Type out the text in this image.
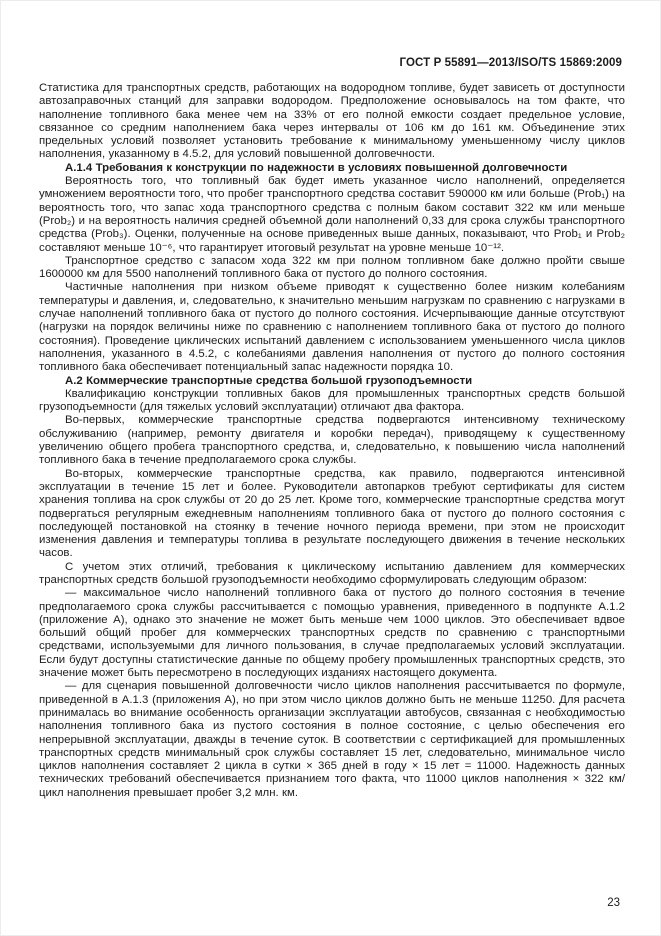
ГОСТ Р 55891—2013/ISO/TS 15869:2009

Статистика для транспортных средств, работающих на водородном топливе, будет зависеть от доступности автозаправочных станций для заправки водородом. Предположение основывалось на том факте, что наполнение топливного бака менее чем на 33% от его полной емкости создает предельное условие, связанное со средним наполнением бака через интервалы от 106 км до 161 км. Объединение этих предельных условий позволяет установить требование к минимальному уменьшенному числу циклов наполнения, указанному в 4.5.2, для условий повышенной долговечности.

А.1.4 Требования к конструкции по надежности в условиях повышенной долговечности

Вероятность того, что топливный бак будет иметь указанное число наполнений, определяется умножением вероятности того, что пробег транспортного средства составит 590000 км или больше (Prob₁) на вероятность того, что запас хода транспортного средства с полным баком составит 322 км или меньше (Prob₂) и на вероятность наличия средней объемной доли наполнений 0,33 для срока службы транспортного средства (Prob₃). Оценки, полученные на основе приведенных выше данных, показывают, что Prob₁ и Prob₂ составляют меньше 10⁻⁶, что гарантирует итоговый результат на уровне меньше 10⁻¹².

Транспортное средство с запасом хода 322 км при полном топливном баке должно пройти свыше 1600000 км для 5500 наполнений топливного бака от пустого до полного состояния.

Частичные наполнения при низком объеме приводят к существенно более низким колебаниям температуры и давления, и, следовательно, к значительно меньшим нагрузкам по сравнению с нагрузками в случае наполнений топливного бака от пустого до полного состояния. Исчерпывающие данные отсутствуют (нагрузки на порядок величины ниже по сравнению с наполнением топливного бака от пустого до полного состояния). Проведение циклических испытаний давлением с использованием уменьшенного числа циклов наполнения, указанного в 4.5.2, с колебаниями давления наполнения от пустого до полного состояния топливного бака обеспечивает потенциальный запас надежности порядка 10.

А.2 Коммерческие транспортные средства большой грузоподъемности

Квалификацию конструкции топливных баков для промышленных транспортных средств большой грузоподъемности (для тяжелых условий эксплуатации) отличают два фактора.

Во-первых, коммерческие транспортные средства подвергаются интенсивному техническому обслуживанию (например, ремонту двигателя и коробки передач), приводящему к существенному увеличению общего пробега транспортного средства, и, следовательно, к повышению числа наполнений топливного бака в течение предполагаемого срока службы.

Во-вторых, коммерческие транспортные средства, как правило, подвергаются интенсивной эксплуатации в течение 15 лет и более. Руководители автопарков требуют сертификаты для систем хранения топлива на срок службы от 20 до 25 лет. Кроме того, коммерческие транспортные средства могут подвергаться регулярным ежедневным наполнениям топливного бака от пустого до полного состояния с последующей постановкой на стоянку в течение ночного периода времени, при этом не происходит изменения давления и температуры топлива в результате последующего движения в течение нескольких часов.

С учетом этих отличий, требования к циклическому испытанию давлением для коммерческих транспортных средств большой грузоподъемности необходимо сформулировать следующим образом:

— максимальное число наполнений топливного бака от пустого до полного состояния в течение предполагаемого срока службы рассчитывается с помощью уравнения, приведенного в подпункте А.1.2 (приложение А), однако это значение не может быть меньше чем 1000 циклов. Это обеспечивает вдвое больший общий пробег для коммерческих транспортных средств по сравнению с транспортными средствами, используемыми для личного пользования, в случае предполагаемых условий эксплуатации. Если будут доступны статистические данные по общему пробегу промышленных транспортных средств, это значение может быть пересмотрено в последующих изданиях настоящего документа.

— для сценария повышенной долговечности число циклов наполнения рассчитывается по формуле, приведенной в А.1.3 (приложения А), но при этом число циклов должно быть не меньше 11250. Для расчета принималась во внимание особенность организации эксплуатации автобусов, связанная с необходимостью наполнения топливного бака из пустого состояния в полное состояние, с целью обеспечения его непрерывной эксплуатации, дважды в течение суток. В соответствии с сертификацией для промышленных транспортных средств минимальный срок службы составляет 15 лет, следовательно, минимальное число циклов наполнения составляет 2 цикла в сутки × 365 дней в году × 15 лет = 11000. Надежность данных технических требований обеспечивается признанием того факта, что 11000 циклов наполнения × 322 км/цикл наполнения превышает пробег 3,2 млн. км.

23
